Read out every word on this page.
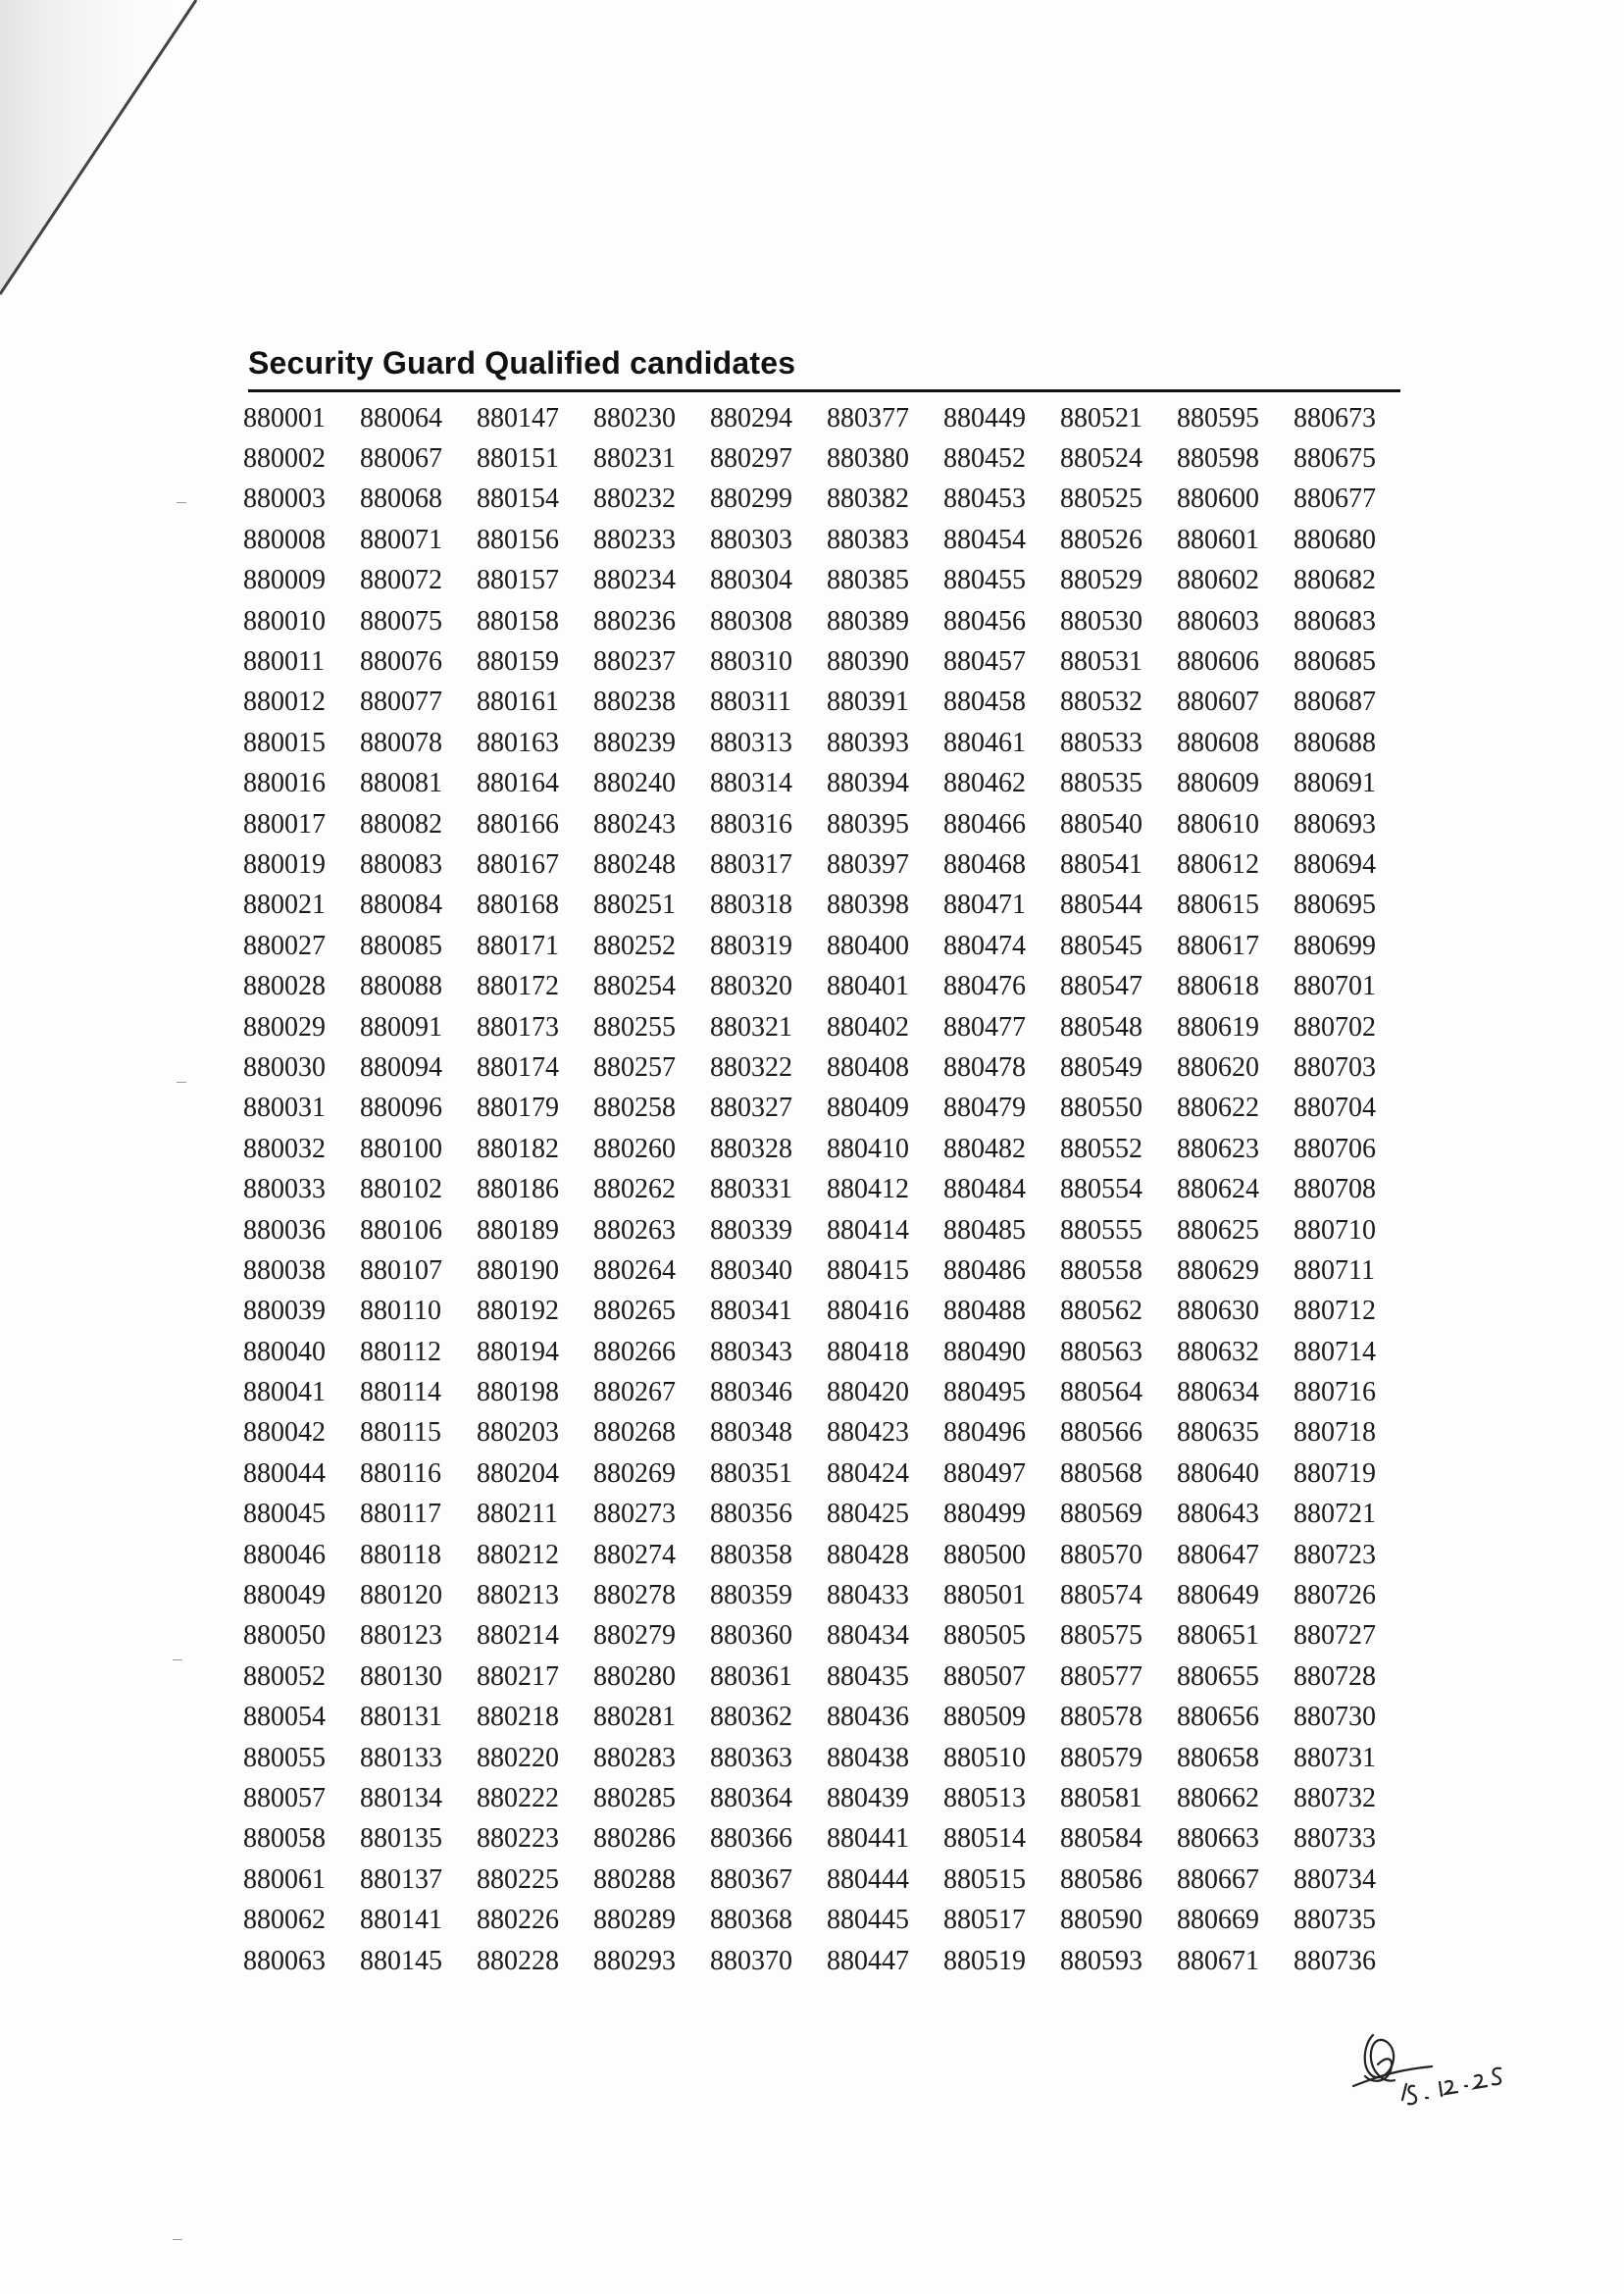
Security Guard Qualified candidates
880001	880064	880147	880230	880294	880377	880449	880521	880595	880673
880002	880067	880151	880231	880297	880380	880452	880524	880598	880675
880003	880068	880154	880232	880299	880382	880453	880525	880600	880677
880008	880071	880156	880233	880303	880383	880454	880526	880601	880680
880009	880072	880157	880234	880304	880385	880455	880529	880602	880682
880010	880075	880158	880236	880308	880389	880456	880530	880603	880683
880011	880076	880159	880237	880310	880390	880457	880531	880606	880685
880012	880077	880161	880238	880311	880391	880458	880532	880607	880687
880015	880078	880163	880239	880313	880393	880461	880533	880608	880688
880016	880081	880164	880240	880314	880394	880462	880535	880609	880691
880017	880082	880166	880243	880316	880395	880466	880540	880610	880693
880019	880083	880167	880248	880317	880397	880468	880541	880612	880694
880021	880084	880168	880251	880318	880398	880471	880544	880615	880695
880027	880085	880171	880252	880319	880400	880474	880545	880617	880699
880028	880088	880172	880254	880320	880401	880476	880547	880618	880701
880029	880091	880173	880255	880321	880402	880477	880548	880619	880702
880030	880094	880174	880257	880322	880408	880478	880549	880620	880703
880031	880096	880179	880258	880327	880409	880479	880550	880622	880704
880032	880100	880182	880260	880328	880410	880482	880552	880623	880706
880033	880102	880186	880262	880331	880412	880484	880554	880624	880708
880036	880106	880189	880263	880339	880414	880485	880555	880625	880710
880038	880107	880190	880264	880340	880415	880486	880558	880629	880711
880039	880110	880192	880265	880341	880416	880488	880562	880630	880712
880040	880112	880194	880266	880343	880418	880490	880563	880632	880714
880041	880114	880198	880267	880346	880420	880495	880564	880634	880716
880042	880115	880203	880268	880348	880423	880496	880566	880635	880718
880044	880116	880204	880269	880351	880424	880497	880568	880640	880719
880045	880117	880211	880273	880356	880425	880499	880569	880643	880721
880046	880118	880212	880274	880358	880428	880500	880570	880647	880723
880049	880120	880213	880278	880359	880433	880501	880574	880649	880726
880050	880123	880214	880279	880360	880434	880505	880575	880651	880727
880052	880130	880217	880280	880361	880435	880507	880577	880655	880728
880054	880131	880218	880281	880362	880436	880509	880578	880656	880730
880055	880133	880220	880283	880363	880438	880510	880579	880658	880731
880057	880134	880222	880285	880364	880439	880513	880581	880662	880732
880058	880135	880223	880286	880366	880441	880514	880584	880663	880733
880061	880137	880225	880288	880367	880444	880515	880586	880667	880734
880062	880141	880226	880289	880368	880445	880517	880590	880669	880735
880063	880145	880228	880293	880370	880447	880519	880593	880671	880736
